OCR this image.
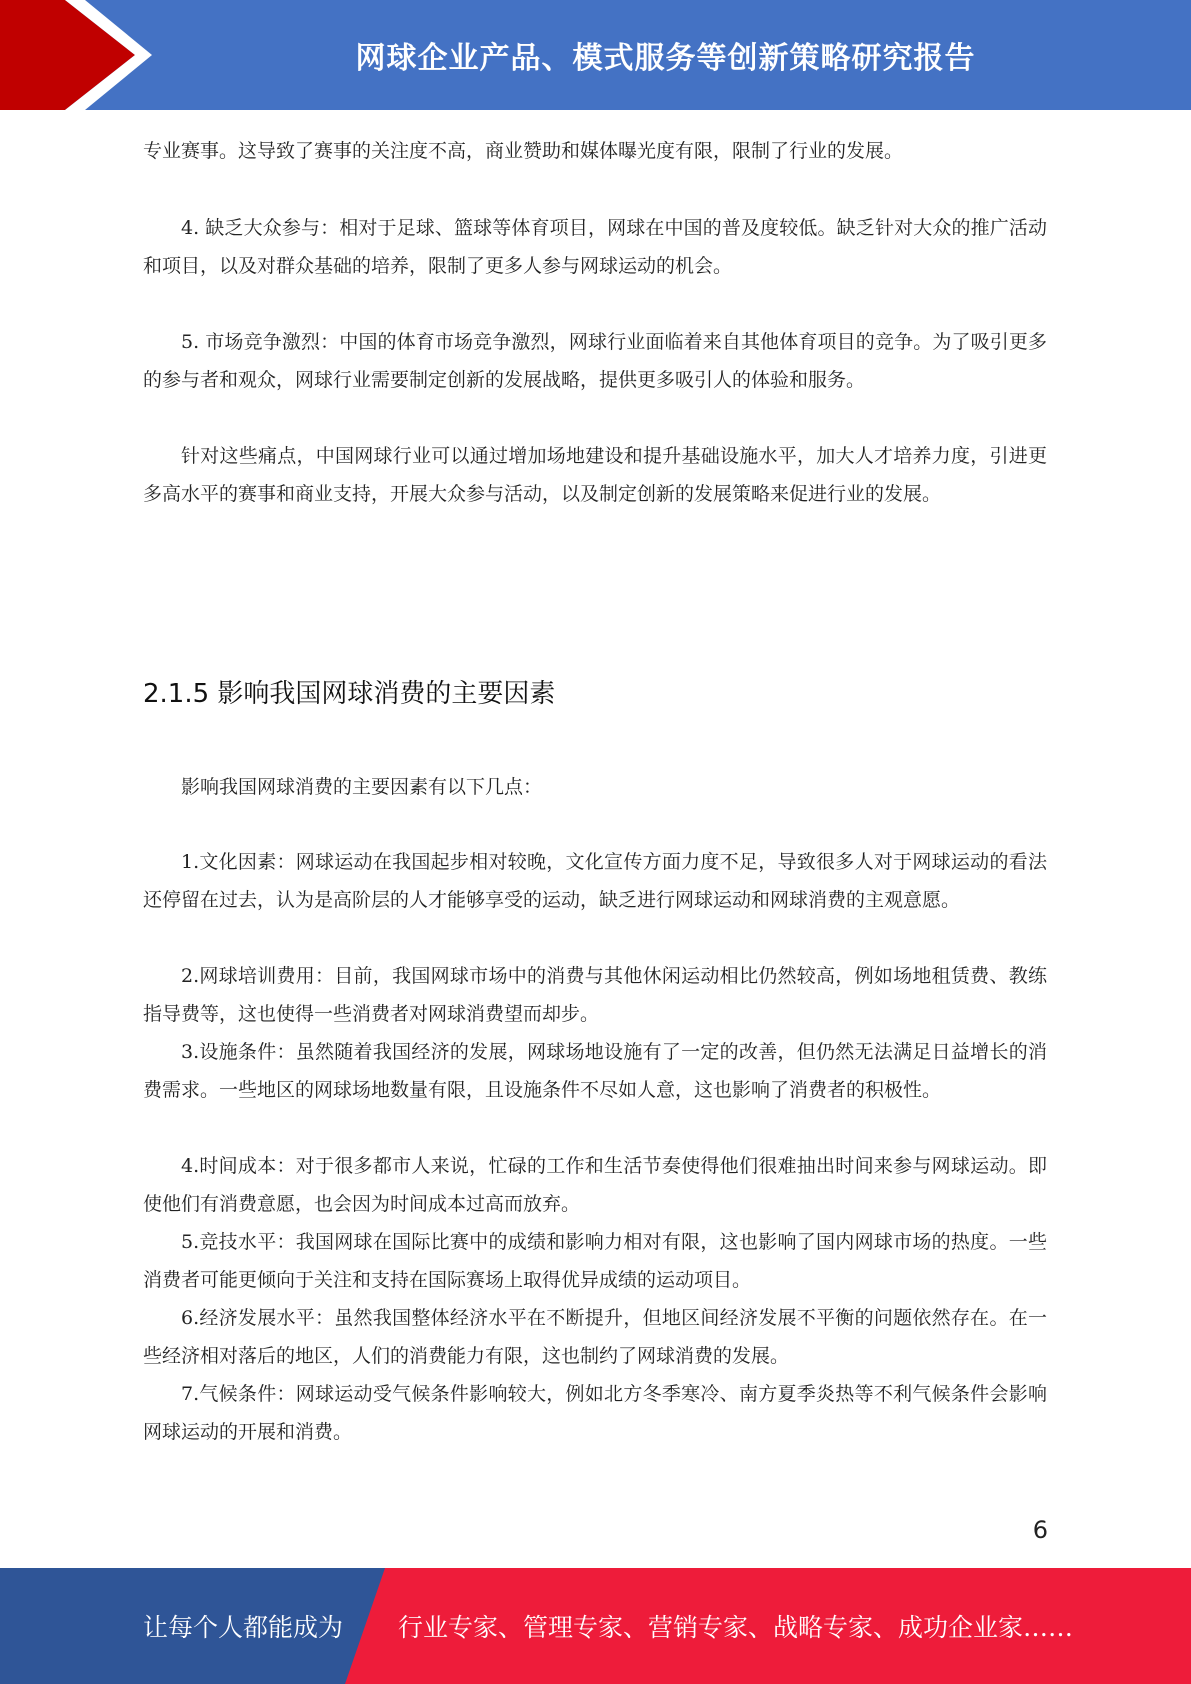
网球企业产品、模式服务等创新策略研究报告

专业赛事。这导致了赛事的关注度不高，商业赞助和媒体曝光度有限，限制了行业的发展。

4. 缺乏大众参与：相对于足球、篮球等体育项目，网球在中国的普及度较低。缺乏针对大众的推广活动和项目，以及对群众基础的培养，限制了更多人参与网球运动的机会。

5. 市场竞争激烈：中国的体育市场竞争激烈，网球行业面临着来自其他体育项目的竞争。为了吸引更多的参与者和观众，网球行业需要制定创新的发展战略，提供更多吸引人的体验和服务。

针对这些痛点，中国网球行业可以通过增加场地建设和提升基础设施水平，加大人才培养力度，引进更多高水平的赛事和商业支持，开展大众参与活动，以及制定创新的发展策略来促进行业的发展。

2.1.5 影响我国网球消费的主要因素

影响我国网球消费的主要因素有以下几点：

1.文化因素：网球运动在我国起步相对较晚，文化宣传方面力度不足，导致很多人对于网球运动的看法还停留在过去，认为是高阶层的人才能够享受的运动，缺乏进行网球运动和网球消费的主观意愿。

2.网球培训费用：目前，我国网球市场中的消费与其他休闲运动相比仍然较高，例如场地租赁费、教练指导费等，这也使得一些消费者对网球消费望而却步。

3.设施条件：虽然随着我国经济的发展，网球场地设施有了一定的改善，但仍然无法满足日益增长的消费需求。一些地区的网球场地数量有限，且设施条件不尽如人意，这也影响了消费者的积极性。

4.时间成本：对于很多都市人来说，忙碌的工作和生活节奏使得他们很难抽出时间来参与网球运动。即使他们有消费意愿，也会因为时间成本过高而放弃。

5.竞技水平：我国网球在国际比赛中的成绩和影响力相对有限，这也影响了国内网球市场的热度。一些消费者可能更倾向于关注和支持在国际赛场上取得优异成绩的运动项目。

6.经济发展水平：虽然我国整体经济水平在不断提升，但地区间经济发展不平衡的问题依然存在。在一些经济相对落后的地区，人们的消费能力有限，这也制约了网球消费的发展。

7.气候条件：网球运动受气候条件影响较大，例如北方冬季寒冷、南方夏季炎热等不利气候条件会影响网球运动的开展和消费。

6
让每个人都能成为 行业专家、管理专家、营销专家、战略专家、成功企业家……
